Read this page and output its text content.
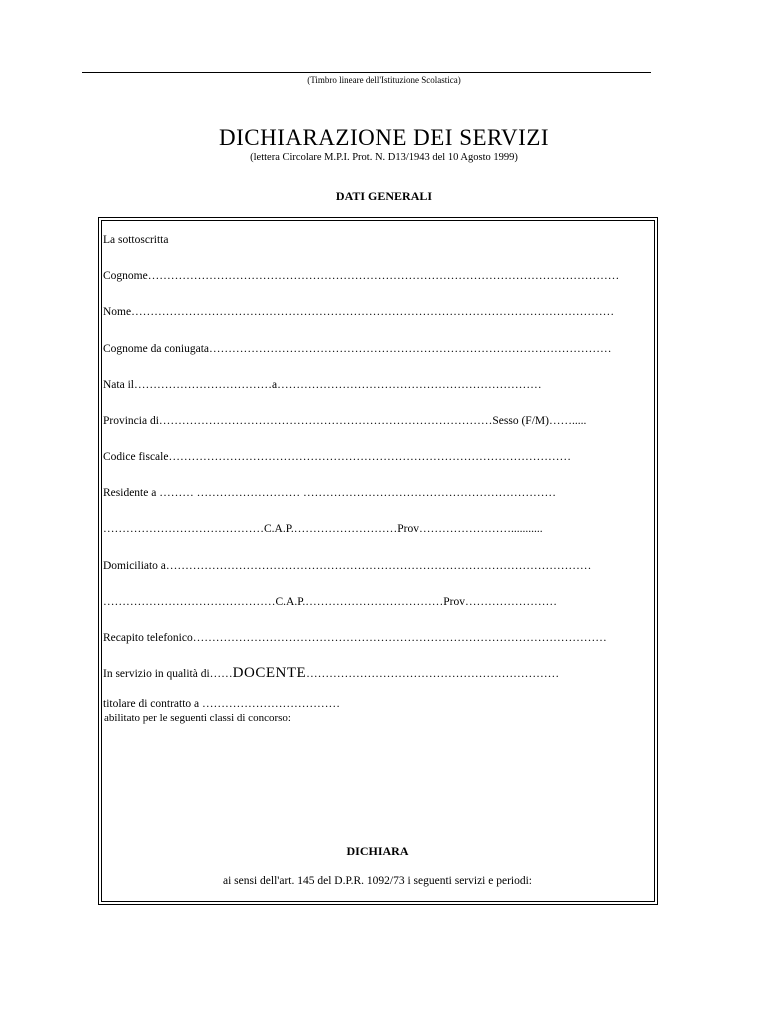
(Timbro lineare dell'Istituzione Scolastica)
DICHIARAZIONE DEI SERVIZI
(lettera Circolare M.P.I. Prot. N. D13/1943 del 10 Agosto 1999)
DATI GENERALI
La sottoscritta
Cognome……………………………………………………………………………………………………………
Nome………………………………………………………………………………………………………………
Cognome da coniugata……………………………………………………………………………………………
Nata il………………………………a……………………………………………………………
Provincia di……………………………………………………………………………Sesso (F/M)…….....
Codice fiscale……………………………………………………………………………………………
Residente a ……… ……………………… …………………………………………………………
……………………………………C.A.P.………………………Prov……………………...........
Domiciliato a…………………………………………………………………………………………………
………………………………………C.A.P.………………………………Prov……………………
Recapito telefonico………………………………………………………………………………………………
In servizio in qualità di……DOCENTE…………………………………………………………
titolare di contratto a ………………………………
abilitato per le seguenti classi di concorso:
DICHIARA
ai sensi dell'art. 145 del D.P.R. 1092/73 i seguenti servizi e periodi:
